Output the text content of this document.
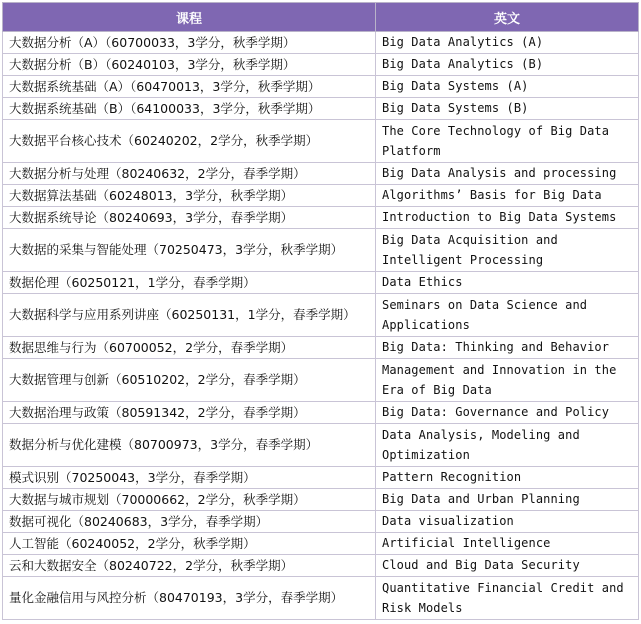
课程	英文
大数据分析（A）（60700033，3学分，秋季学期）	Big Data Analytics (A)
大数据分析（B）（60240103，3学分，秋季学期）	Big Data Analytics (B)
大数据系统基础（A）（60470013，3学分，秋季学期）	Big Data Systems (A)
大数据系统基础（B）（64100033，3学分，秋季学期）	Big Data Systems (B)
大数据平台核心技术（60240202，2学分，秋季学期）	The Core Technology of Big Data Platform
大数据分析与处理（80240632，2学分，春季学期）	Big Data Analysis and processing
大数据算法基础（60248013，3学分，秋季学期）	Algorithms’ Basis for Big Data
大数据系统导论（80240693，3学分，春季学期）	Introduction to Big Data Systems
大数据的采集与智能处理（70250473，3学分，秋季学期）	Big Data Acquisition and Intelligent Processing
数据伦理（60250121，1学分，春季学期）	Data Ethics
大数据科学与应用系列讲座（60250131，1学分，春季学期）	Seminars on Data Science and Applications
数据思维与行为（60700052，2学分，春季学期）	Big Data: Thinking and Behavior
大数据管理与创新（60510202，2学分，春季学期）	Management and Innovation in the Era of Big Data
大数据治理与政策（80591342，2学分，春季学期）	Big Data: Governance and Policy
数据分析与优化建模（80700973，3学分，春季学期）	Data Analysis, Modeling and Optimization
模式识别（70250043，3学分，春季学期）	Pattern Recognition
大数据与城市规划（70000662，2学分，秋季学期）	Big Data and Urban Planning
数据可视化（80240683，3学分，春季学期）	Data visualization
人工智能（60240052，2学分，秋季学期）	Artificial Intelligence
云和大数据安全（80240722，2学分，秋季学期）	Cloud and Big Data Security
量化金融信用与风控分析（80470193，3学分，春季学期）	Quantitative Financial Credit and Risk Models
